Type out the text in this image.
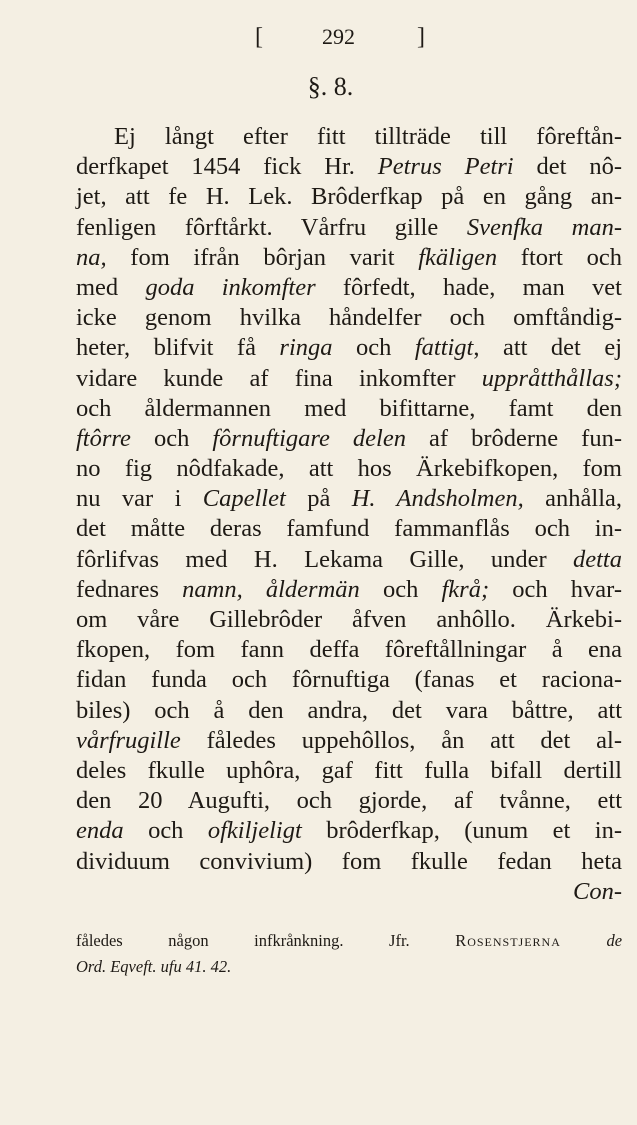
[	292	]
§. 8.
Ej långt efter fitt tillträde till fôreftån-
derfkapet 1454 fick Hr. Petrus Petri det nô-
jet, att fe H. Lek. Brôderfkap på en gång an-
fenligen fôrftårkt. Vårfru gille Svenfka man-
na, fom ifrån bôrjan varit fkäligen ftort och
med goda inkomfter fôrfedt, hade, man vet
icke genom hvilka håndelfer och omftåndig-
heter, blifvit få ringa och fattigt, att det ej
vidare kunde af fina inkomfter uppråtthållas;
och åldermannen med bifittarne, famt den
ftôrre och fôrnuftigare delen af brôderne fun-
no fig nôdfakade, att hos Ärkebifkopen, fom
nu var i Capellet på H. Andsholmen, anhålla,
det måtte deras famfund fammanflås och in-
fôrlifvas med H. Lekama Gille, under detta
fednares namn, åldermän och fkrå; och hvar-
om våre Gillebrôder åfven anhôllo. Ärkebi-
fkopen, fom fann deffa fôreftållningar å ena
fidan funda och fôrnuftiga (fanas et raciona-
biles) och å den andra, det vara båttre, att
vårfrugille fåledes uppehôllos, ån att det al-
deles fkulle uphôra, gaf fitt fulla bifall dertill
den 20 Augufti, och gjorde, af tvånne, ett
enda och ofkiljeligt brôderfkap, (unum et in-
dividuum convivium) fom fkulle fedan heta
Con-
fåledes någon infkrånkning.	Jfr.	Rosenstjerna	de
Ord. Eqveft. ufu 41. 42.
